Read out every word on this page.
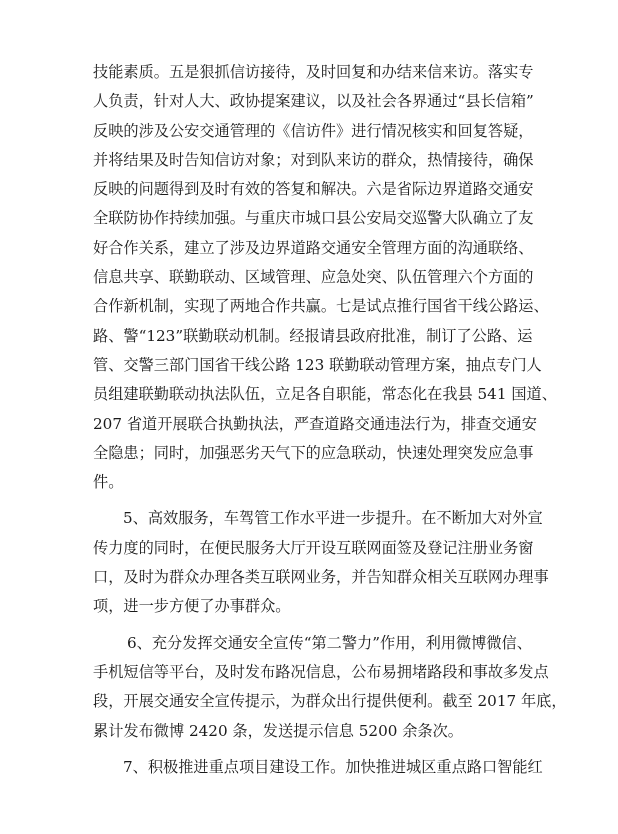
技能素质。五是狠抓信访接待，及时回复和办结来信来访。落实专
人负责，针对人大、政协提案建议，以及社会各界通过“县长信箱”
反映的涉及公安交通管理的《信访件》进行情况核实和回复答疑，
并将结果及时告知信访对象；对到队来访的群众，热情接待，确保
反映的问题得到及时有效的答复和解决。六是省际边界道路交通安
全联防协作持续加强。与重庆市城口县公安局交巡警大队确立了友
好合作关系，建立了涉及边界道路交通安全管理方面的沟通联络、
信息共享、联勤联动、区域管理、应急处突、队伍管理六个方面的
合作新机制，实现了两地合作共赢。七是试点推行国省干线公路运、
路、警“123”联勤联动机制。经报请县政府批准，制订了公路、运
管、交警三部门国省干线公路 123 联勤联动管理方案，抽点专门人
员组建联勤联动执法队伍，立足各自职能，常态化在我县 541 国道、
207 省道开展联合执勤执法，严查道路交通违法行为，排查交通安
全隐患；同时，加强恶劣天气下的应急联动，快速处理突发应急事
件。
5、高效服务，车驾管工作水平进一步提升。在不断加大对外宣
传力度的同时，在便民服务大厅开设互联网面签及登记注册业务窗
口，及时为群众办理各类互联网业务，并告知群众相关互联网办理事
项，进一步方便了办事群众。
6、充分发挥交通安全宣传“第二警力”作用，利用微博微信、
手机短信等平台，及时发布路况信息，公布易拥堵路段和事故多发点
段，开展交通安全宣传提示，为群众出行提供便利。截至 2017 年底，
累计发布微博 2420 条，发送提示信息 5200 余条次。
7、积极推进重点项目建设工作。加快推进城区重点路口智能红
